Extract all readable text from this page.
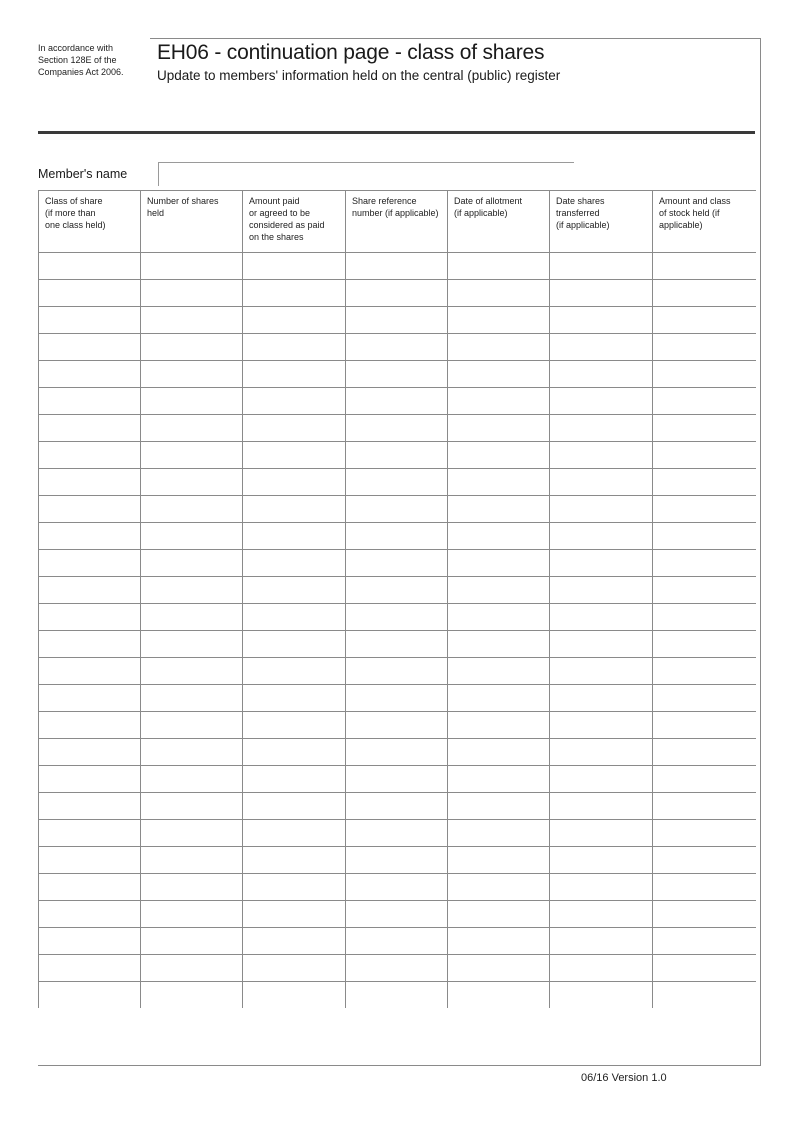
In accordance with
Section 128E of the
Companies Act 2006.
EH06 - continuation page - class of shares
Update to members' information held on the central (public) register
Member's name
Class of share
(if more than
one class held)	Number of shares
held	Amount paid
or agreed to be
considered as paid
on the shares	Share reference
number (if applicable)	Date of allotment
(if applicable)	Date shares
transferred
(if applicable)	Amount and class
of stock held (if
applicable)

06/16 Version 1.0
